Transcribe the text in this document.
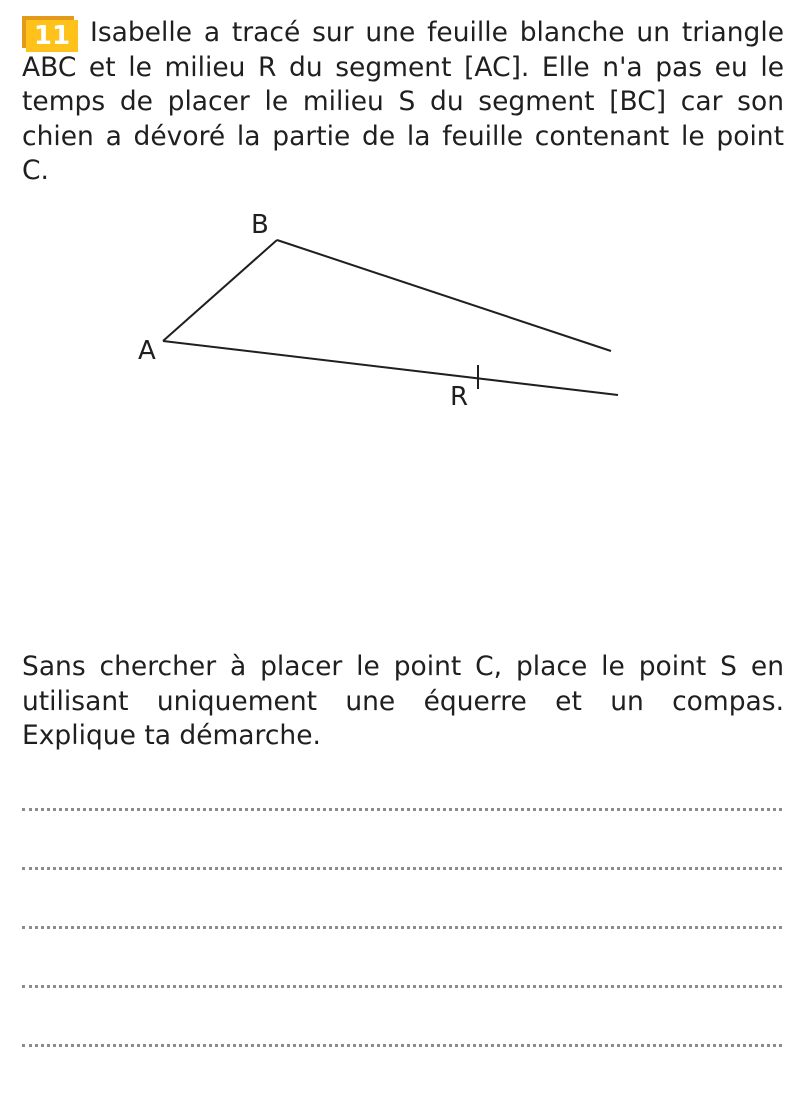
11 Isabelle a tracé sur une feuille blanche un triangle ABC et le milieu R du segment [AC]. Elle n'a pas eu le temps de placer le milieu S du segment [BC] car son chien a dévoré la partie de la feuille contenant le point C.

A
B
R

Sans chercher à placer le point C, place le point S en utilisant uniquement une équerre et un compas. Explique ta démarche.
